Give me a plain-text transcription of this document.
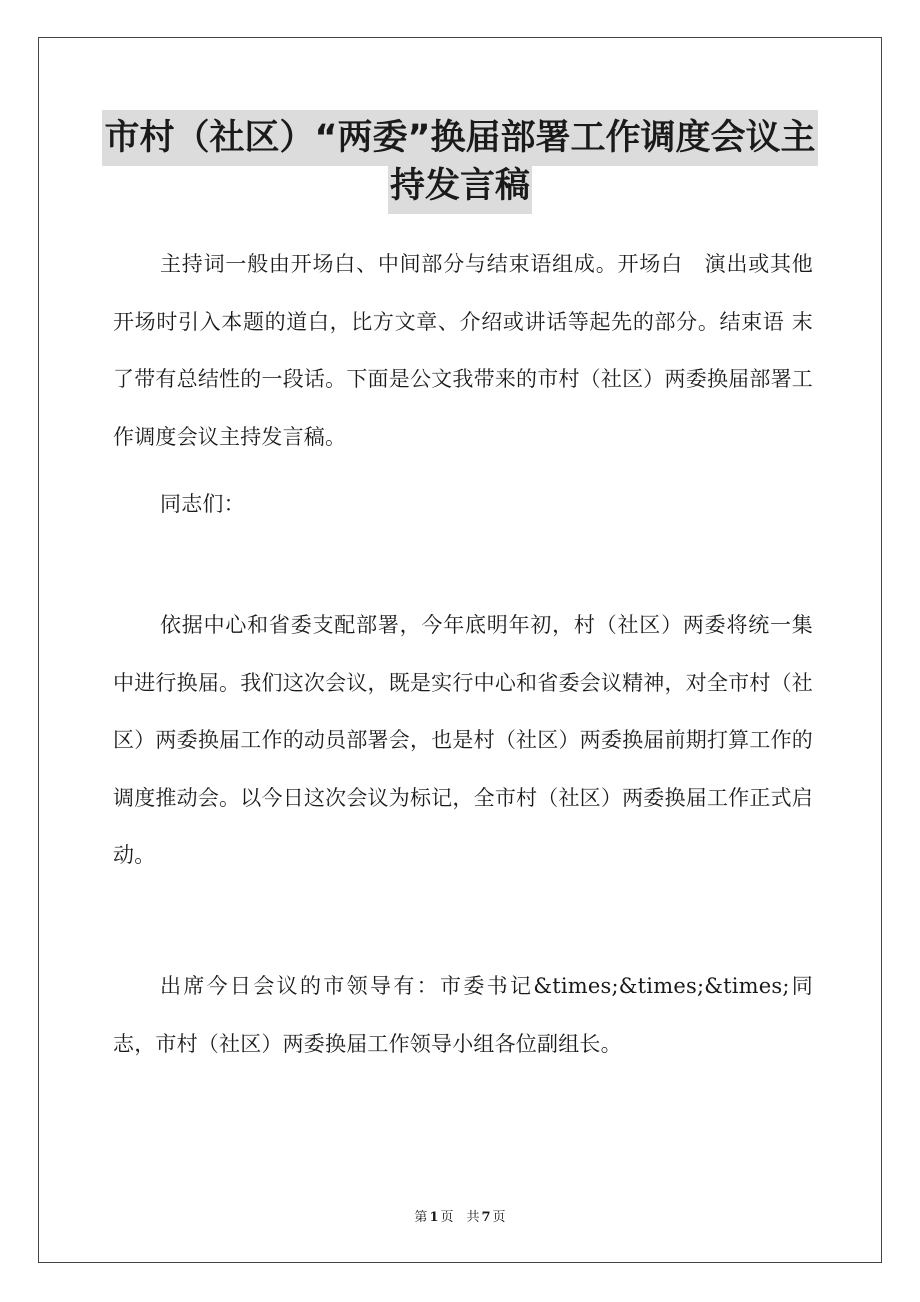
市村（社区）“两委”换届部署工作调度会议主
持发言稿

主持词一般由开场白、中间部分与结束语组成。开场白　演出或其他开场时引入本题的道白，比方文章、介绍或讲话等起先的部分。结束语 末了带有总结性的一段话。下面是公文我带来的市村（社区）两委换届部署工作调度会议主持发言稿。

同志们：

依据中心和省委支配部署，今年底明年初，村（社区）两委将统一集中进行换届。我们这次会议，既是实行中心和省委会议精神，对全市村（社区）两委换届工作的动员部署会，也是村（社区）两委换届前期打算工作的调度推动会。以今日这次会议为标记，全市村（社区）两委换届工作正式启动。

出席今日会议的市领导有：市委书记&times;&times;&times;同志，市村（社区）两委换届工作领导小组各位副组长。

第 1 页　共 7 页
